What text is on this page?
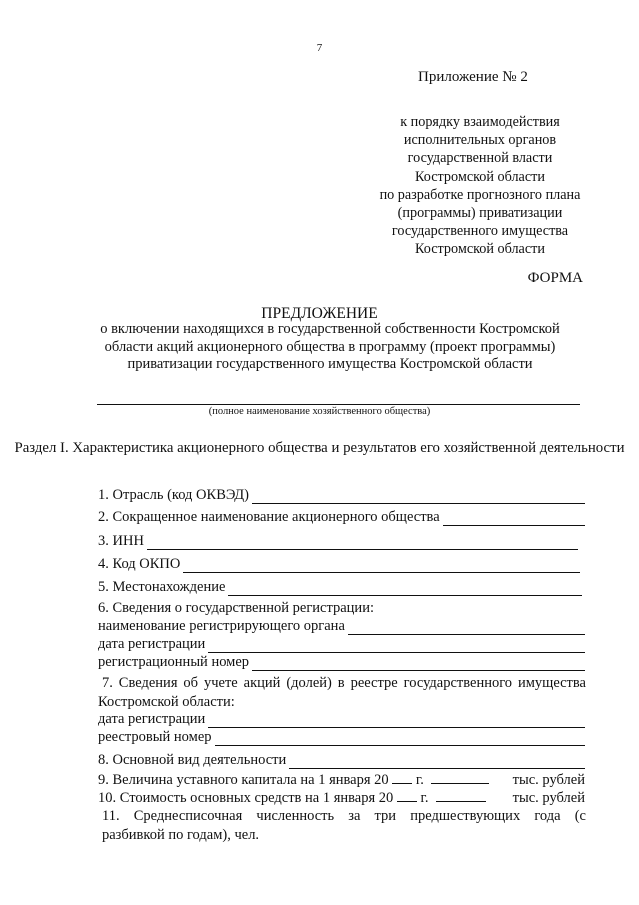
7
Приложение № 2
к порядку взаимодействия
исполнительных органов
государственной власти
Костромской области
по разработке прогнозного плана
(программы) приватизации
государственного имущества
Костромской области
ФОРМА
ПРЕДЛОЖЕНИЕ
о включении находящихся в государственной собственности Костромской области акций акционерного общества в программу (проект программы) приватизации государственного имущества Костромской области
(полное наименование хозяйственного общества)
Раздел I. Характеристика акционерного общества и результатов его хозяйственной деятельности
1. Отрасль (код ОКВЭД)
2. Сокращенное наименование акционерного общества
3. ИНН
4. Код ОКПО
5. Местонахождение
6. Сведения о государственной регистрации:
наименование регистрирующего органа
дата регистрации
регистрационный номер
7. Сведения об учете акций (долей) в реестре государственного имущества
Костромской области:
дата регистрации
реестровый номер
8. Основной вид деятельности
9. Величина уставного капитала на 1 января 20 г.	тыс. рублей
10. Стоимость основных средств на 1 января 20 г.	тыс. рублей
11. Среднесписочная численность за три предшествующих года (с
разбивкой по годам), чел.
